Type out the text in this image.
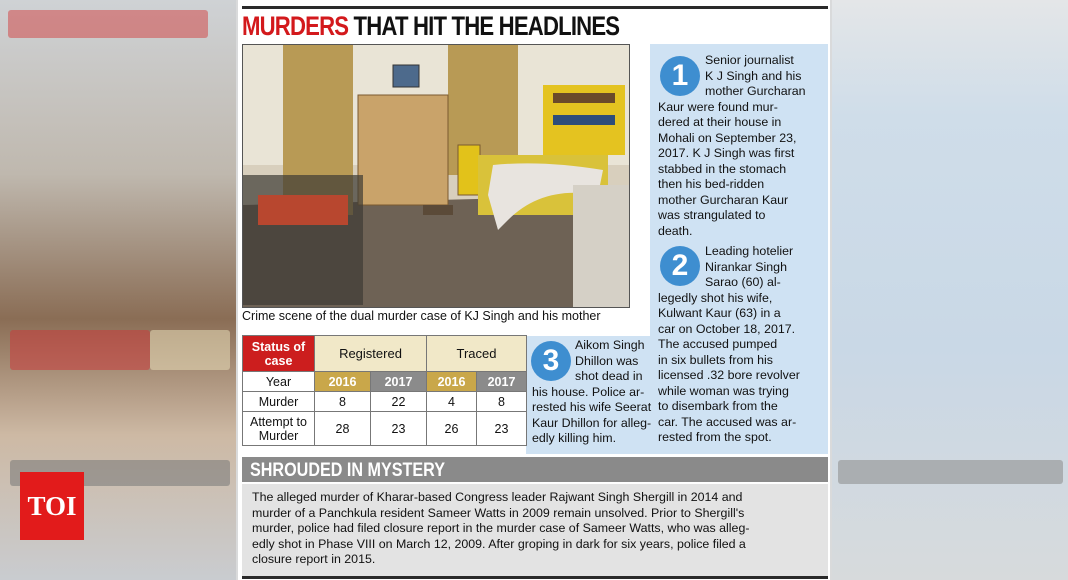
TOI
MURDERS THAT HIT THE HEADLINES
Crime scene of the dual murder case of KJ Singh and his mother
1	Senior journalist
K J Singh and his
mother Gurcharan
Kaur were found mur-
dered at their house in
Mohali on September 23,
2017. K J Singh was first
stabbed in the stomach
then his bed-ridden
mother Gurcharan Kaur
was strangulated to
death.
2	Leading hotelier
Nirankar Singh
Sarao (60) al-
legedly shot his wife,
Kulwant Kaur (63) in a
car on October 18, 2017.
The accused pumped
in six bullets from his
licensed .32 bore revolver
while woman was trying
to disembark from the
car. The accused was ar-
rested from the spot.
3	Aikom Singh
Dhillon was
shot dead in
his house. Police ar-
rested his wife Seerat
Kaur Dhillon for alleg-
edly killing him.
Status of case	Registered		Traced	
Year	2016	2017	2016	2017
Murder	8	22	4	8
Attempt to Murder	28	23	26	23
SHROUDED IN MYSTERY

The alleged murder of Kharar-based Congress leader Rajwant Singh Shergill in 2014 and

murder of a Panchkula resident Sameer Watts in 2009 remain unsolved. Prior to Shergill's

murder, police had filed closure report in the murder case of Sameer Watts, who was alleg-

edly shot in Phase VIII on March 12, 2009. After groping in dark for six years, police filed a

closure report in 2015.
